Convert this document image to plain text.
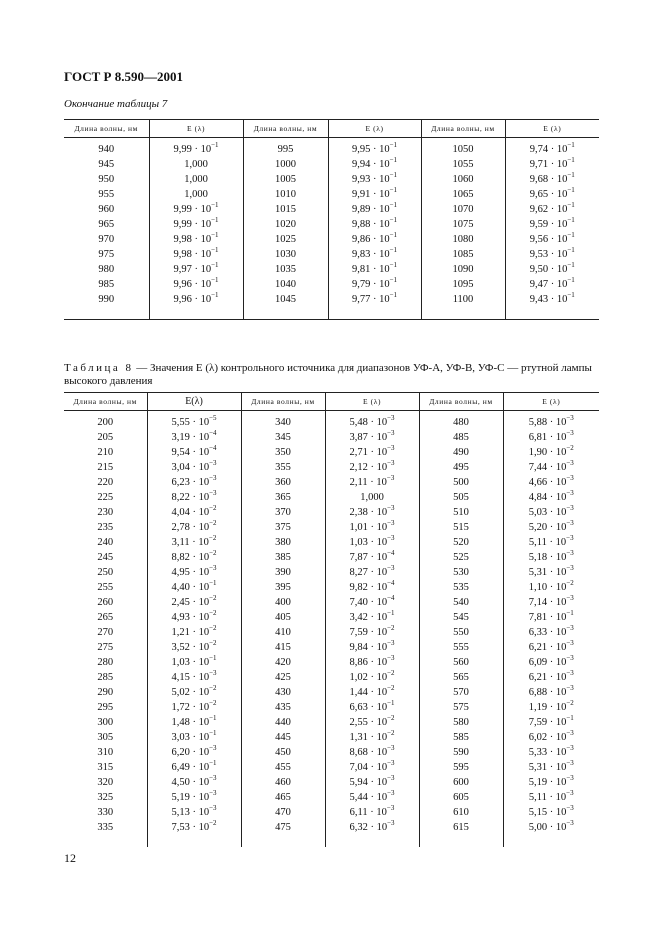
ГОСТ Р 8.590—2001
Окончание таблицы 7
Длина волны, нм	E (λ)	Длина волны, нм	E (λ)	Длина волны, нм	E (λ)

940	$9,99 \cdot 10^{-1}$	995	$9,95 \cdot 10^{-1}$	1050	$9,74 \cdot 10^{-1}$
945	1,000	1000	$9,94 \cdot 10^{-1}$	1055	$9,71 \cdot 10^{-1}$
950	1,000	1005	$9,93 \cdot 10^{-1}$	1060	$9,68 \cdot 10^{-1}$
955	1,000	1010	$9,91 \cdot 10^{-1}$	1065	$9,65 \cdot 10^{-1}$
960	$9,99 \cdot 10^{-1}$	1015	$9,89 \cdot 10^{-1}$	1070	$9,62 \cdot 10^{-1}$
965	$9,99 \cdot 10^{-1}$	1020	$9,88 \cdot 10^{-1}$	1075	$9,59 \cdot 10^{-1}$
970	$9,98 \cdot 10^{-1}$	1025	$9,86 \cdot 10^{-1}$	1080	$9,56 \cdot 10^{-1}$
975	$9,98 \cdot 10^{-1}$	1030	$9,83 \cdot 10^{-1}$	1085	$9,53 \cdot 10^{-1}$
980	$9,97 \cdot 10^{-1}$	1035	$9,81 \cdot 10^{-1}$	1090	$9,50 \cdot 10^{-1}$
985	$9,96 \cdot 10^{-1}$	1040	$9,79 \cdot 10^{-1}$	1095	$9,47 \cdot 10^{-1}$
990	$9,96 \cdot 10^{-1}$	1045	$9,77 \cdot 10^{-1}$	1100	$9,43 \cdot 10^{-1}$

Таблица 8 — Значения E (λ) контрольного источника для диапазонов УФ-А, УФ-В, УФ-С — ртутной лампы высокого давления
Длина волны, нм	E(λ)	Длина волны, нм	E (λ)	Длина волны, нм	E (λ)

200	$5,55 \cdot 10^{-5}$	340	$5,48 \cdot 10^{-3}$	480	$5,88 \cdot 10^{-3}$
205	$3,19 \cdot 10^{-4}$	345	$3,87 \cdot 10^{-3}$	485	$6,81 \cdot 10^{-3}$
210	$9,54 \cdot 10^{-4}$	350	$2,71 \cdot 10^{-3}$	490	$1,90 \cdot 10^{-2}$
215	$3,04 \cdot 10^{-3}$	355	$2,12 \cdot 10^{-3}$	495	$7,44 \cdot 10^{-3}$
220	$6,23 \cdot 10^{-3}$	360	$2,11 \cdot 10^{-3}$	500	$4,66 \cdot 10^{-3}$
225	$8,22 \cdot 10^{-3}$	365	1,000	505	$4,84 \cdot 10^{-3}$
230	$4,04 \cdot 10^{-2}$	370	$2,38 \cdot 10^{-3}$	510	$5,03 \cdot 10^{-3}$
235	$2,78 \cdot 10^{-2}$	375	$1,01 \cdot 10^{-3}$	515	$5,20 \cdot 10^{-3}$
240	$3,11 \cdot 10^{-2}$	380	$1,03 \cdot 10^{-3}$	520	$5,11 \cdot 10^{-3}$
245	$8,82 \cdot 10^{-2}$	385	$7,87 \cdot 10^{-4}$	525	$5,18 \cdot 10^{-3}$
250	$4,95 \cdot 10^{-3}$	390	$8,27 \cdot 10^{-3}$	530	$5,31 \cdot 10^{-3}$
255	$4,40 \cdot 10^{-1}$	395	$9,82 \cdot 10^{-4}$	535	$1,10 \cdot 10^{-2}$
260	$2,45 \cdot 10^{-2}$	400	$7,40 \cdot 10^{-4}$	540	$7,14 \cdot 10^{-3}$
265	$4,93 \cdot 10^{-2}$	405	$3,42 \cdot 10^{-1}$	545	$7,81 \cdot 10^{-1}$
270	$1,21 \cdot 10^{-2}$	410	$7,59 \cdot 10^{-2}$	550	$6,33 \cdot 10^{-3}$
275	$3,52 \cdot 10^{-2}$	415	$9,84 \cdot 10^{-3}$	555	$6,21 \cdot 10^{-3}$
280	$1,03 \cdot 10^{-1}$	420	$8,86 \cdot 10^{-3}$	560	$6,09 \cdot 10^{-3}$
285	$4,15 \cdot 10^{-3}$	425	$1,02 \cdot 10^{-2}$	565	$6,21 \cdot 10^{-3}$
290	$5,02 \cdot 10^{-2}$	430	$1,44 \cdot 10^{-2}$	570	$6,88 \cdot 10^{-3}$
295	$1,72 \cdot 10^{-2}$	435	$6,63 \cdot 10^{-1}$	575	$1,19 \cdot 10^{-2}$
300	$1,48 \cdot 10^{-1}$	440	$2,55 \cdot 10^{-2}$	580	$7,59 \cdot 10^{-1}$
305	$3,03 \cdot 10^{-1}$	445	$1,31 \cdot 10^{-2}$	585	$6,02 \cdot 10^{-3}$
310	$6,20 \cdot 10^{-3}$	450	$8,68 \cdot 10^{-3}$	590	$5,33 \cdot 10^{-3}$
315	$6,49 \cdot 10^{-1}$	455	$7,04 \cdot 10^{-3}$	595	$5,31 \cdot 10^{-3}$
320	$4,50 \cdot 10^{-3}$	460	$5,94 \cdot 10^{-3}$	600	$5,19 \cdot 10^{-3}$
325	$5,19 \cdot 10^{-3}$	465	$5,44 \cdot 10^{-3}$	605	$5,11 \cdot 10^{-3}$
330	$5,13 \cdot 10^{-3}$	470	$6,11 \cdot 10^{-3}$	610	$5,15 \cdot 10^{-3}$
335	$7,53 \cdot 10^{-2}$	475	$6,32 \cdot 10^{-3}$	615	$5,00 \cdot 10^{-3}$

12
